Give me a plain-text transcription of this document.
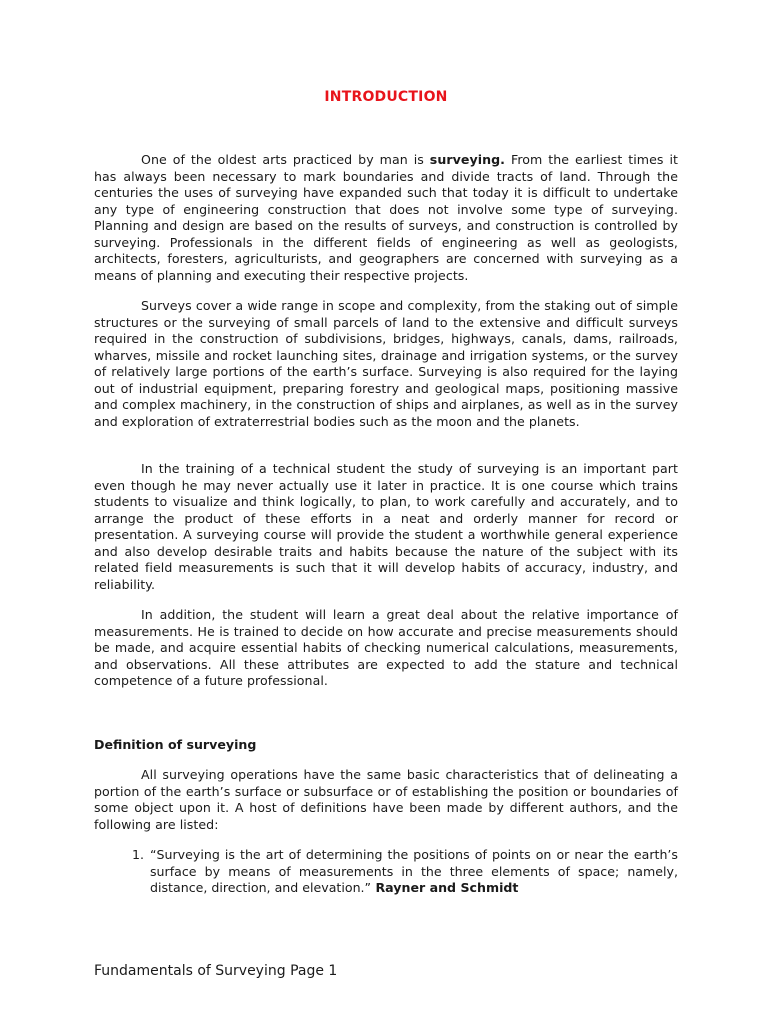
INTRODUCTION

One of the oldest arts practiced by man is surveying. From the earliest times it has always been necessary to mark boundaries and divide tracts of land. Through the centuries the uses of surveying have expanded such that today it is difficult to undertake any type of engineering construction that does not involve some type of surveying. Planning and design are based on the results of surveys, and construction is controlled by surveying. Professionals in the different fields of engineering as well as geologists, architects, foresters, agriculturists, and geographers are concerned with surveying as a means of planning and executing their respective projects.

Surveys cover a wide range in scope and complexity, from the staking out of simple structures or the surveying of small parcels of land to the extensive and difficult surveys required in the construction of subdivisions, bridges, highways, canals, dams, railroads, wharves, missile and rocket launching sites, drainage and irrigation systems, or the survey of relatively large portions of the earth’s surface. Surveying is also required for the laying out of industrial equipment, preparing forestry and geological maps, positioning massive and complex machinery, in the construction of ships and airplanes, as well as in the survey and exploration of extraterrestrial bodies such as the moon and the planets.

In the training of a technical student the study of surveying is an important part even though he may never actually use it later in practice. It is one course which trains students to visualize and think logically, to plan, to work carefully and accurately, and to arrange the product of these efforts in a neat and orderly manner for record or presentation. A surveying course will provide the student a worthwhile general experience and also develop desirable traits and habits because the nature of the subject with its related field measurements is such that it will develop habits of accuracy, industry, and reliability.

In addition, the student will learn a great deal about the relative importance of measurements. He is trained to decide on how accurate and precise measurements should be made, and acquire essential habits of checking numerical calculations, measurements, and observations. All these attributes are expected to add the stature and technical competence of a future professional.

Definition of surveying

All surveying operations have the same basic characteristics that of delineating a portion of the earth’s surface or subsurface or of establishing the position or boundaries of some object upon it. A host of definitions have been made by different authors, and the following are listed:

1. “Surveying is the art of determining the positions of points on or near the earth’s surface by means of measurements in the three elements of space; namely, distance, direction, and elevation.” Rayner and Schmidt
Fundamentals of Surveying Page 1
